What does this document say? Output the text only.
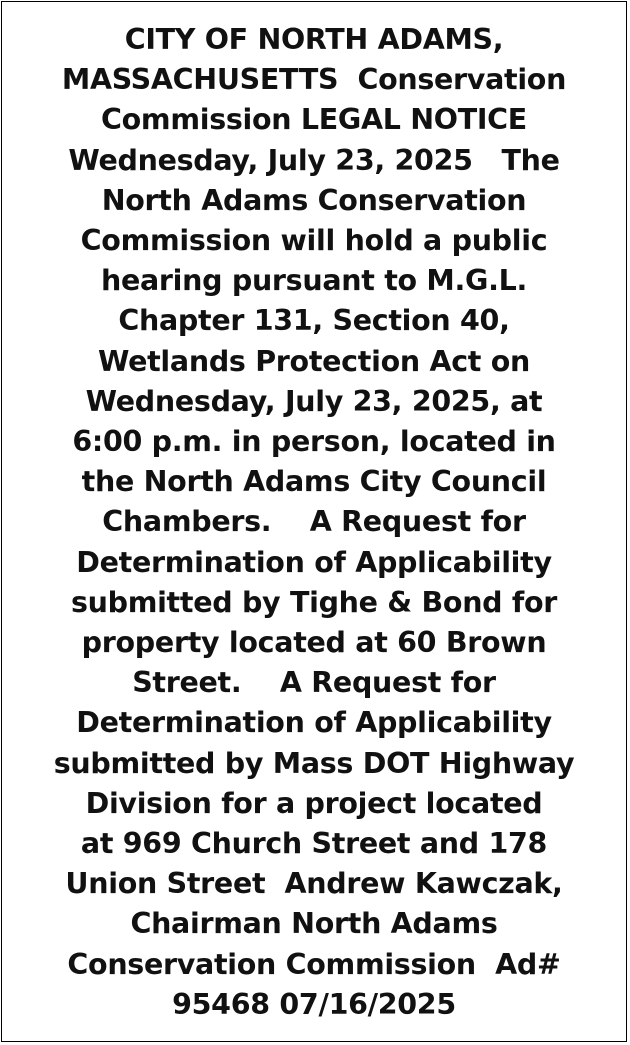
CITY OF NORTH ADAMS,
MASSACHUSETTS  Conservation
Commission LEGAL NOTICE
Wednesday, July 23, 2025   The
North Adams Conservation
Commission will hold a public
hearing pursuant to M.G.L.
Chapter 131, Section 40,
Wetlands Protection Act on
Wednesday, July 23, 2025, at
6:00 p.m. in person, located in
the North Adams City Council
Chambers.    A Request for
Determination of Applicability
submitted by Tighe & Bond for
property located at 60 Brown
Street.    A Request for
Determination of Applicability
submitted by Mass DOT Highway
Division for a project located
at 969 Church Street and 178
Union Street  Andrew Kawczak,
Chairman North Adams
Conservation Commission  Ad#
95468 07/16/2025
